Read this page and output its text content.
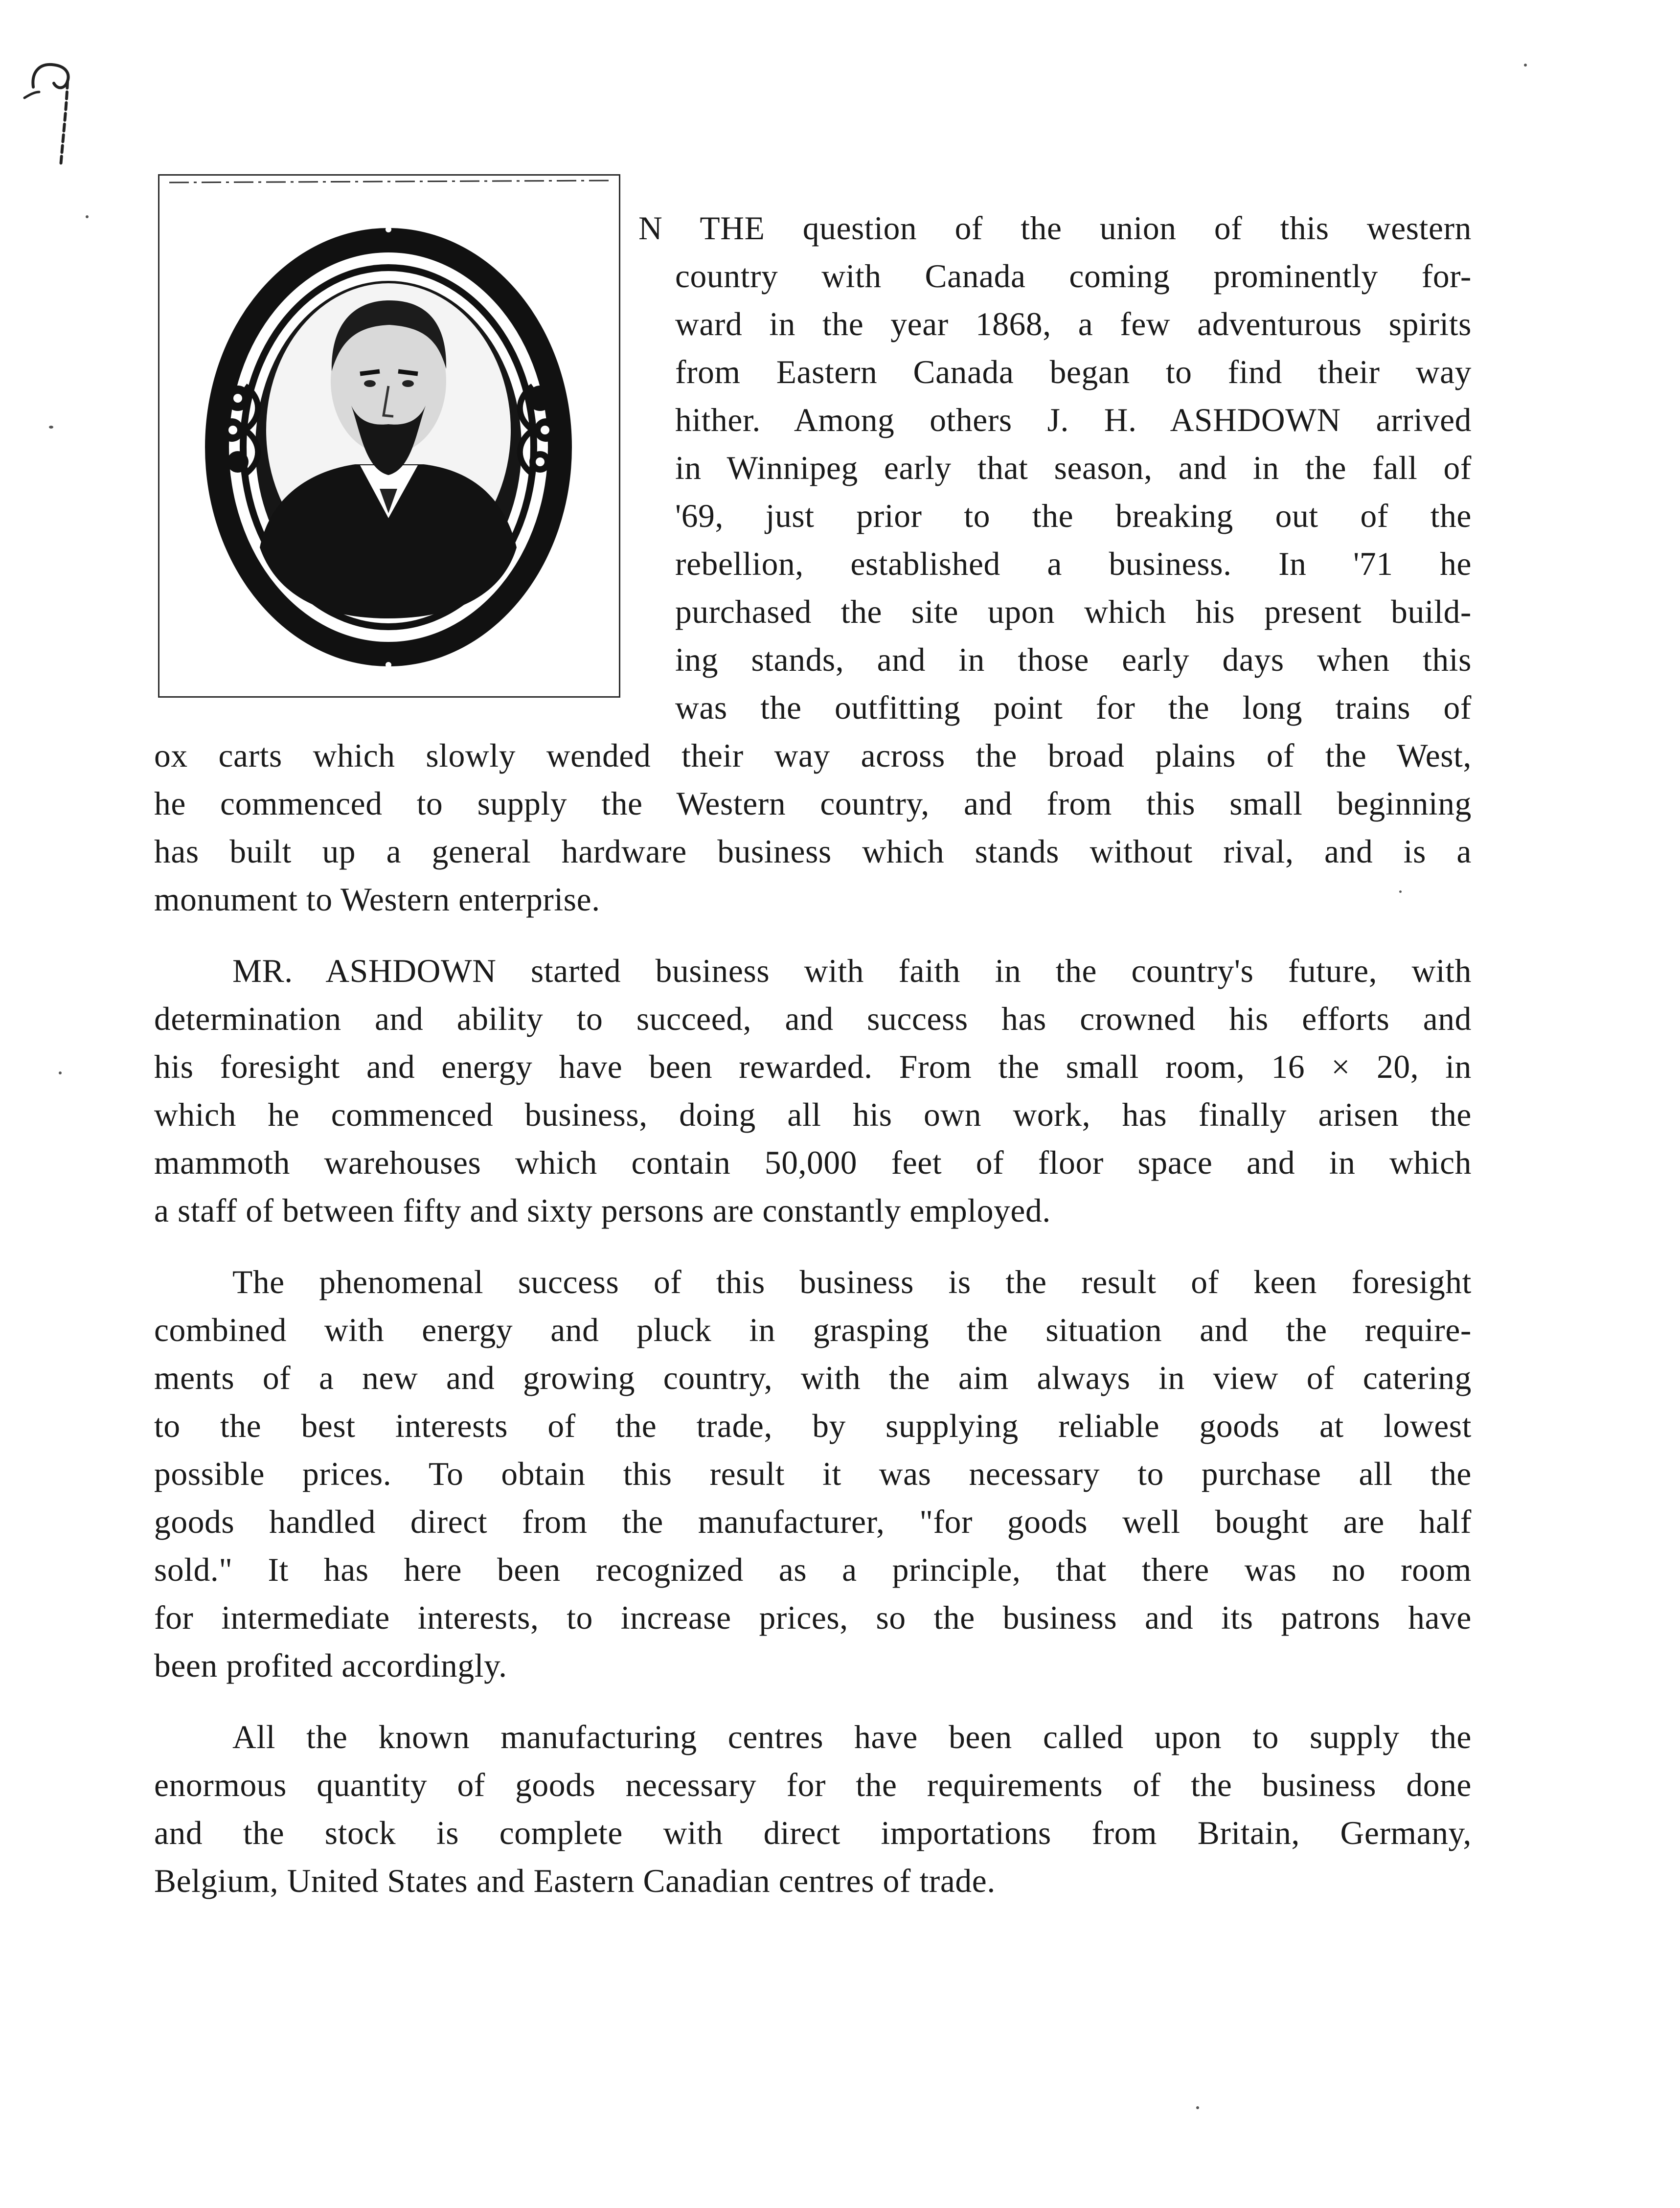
N THE question of the union of this western
country with Canada coming prominently for-
ward in the year 1868, a few adventurous spirits
from Eastern Canada began to find their way
hither. Among others J. H. ASHDOWN arrived
in Winnipeg early that season, and in the fall of
'69, just prior to the breaking out of the
rebellion, established a business. In '71 he
purchased the site upon which his present build-
ing stands, and in those early days when this
was the outfitting point for the long trains of
ox carts which slowly wended their way across the broad plains of the West,
he commenced to supply the Western country, and from this small beginning
has built up a general hardware business which stands without rival, and is a
monument to Western enterprise.
MR. ASHDOWN started business with faith in the country's future, with
determination and ability to succeed, and success has crowned his efforts and
his foresight and energy have been rewarded. From the small room, 16 × 20, in
which he commenced business, doing all his own work, has finally arisen the
mammoth warehouses which contain 50,000 feet of floor space and in which
a staff of between fifty and sixty persons are constantly employed.
The phenomenal success of this business is the result of keen foresight
combined with energy and pluck in grasping the situation and the require-
ments of a new and growing country, with the aim always in view of catering
to the best interests of the trade, by supplying reliable goods at lowest
possible prices. To obtain this result it was necessary to purchase all the
goods handled direct from the manufacturer, "for goods well bought are half
sold." It has here been recognized as a principle, that there was no room
for intermediate interests, to increase prices, so the business and its patrons have
been profited accordingly.
All the known manufacturing centres have been called upon to supply the
enormous quantity of goods necessary for the requirements of the business done
and the stock is complete with direct importations from Britain, Germany,
Belgium, United States and Eastern Canadian centres of trade.
